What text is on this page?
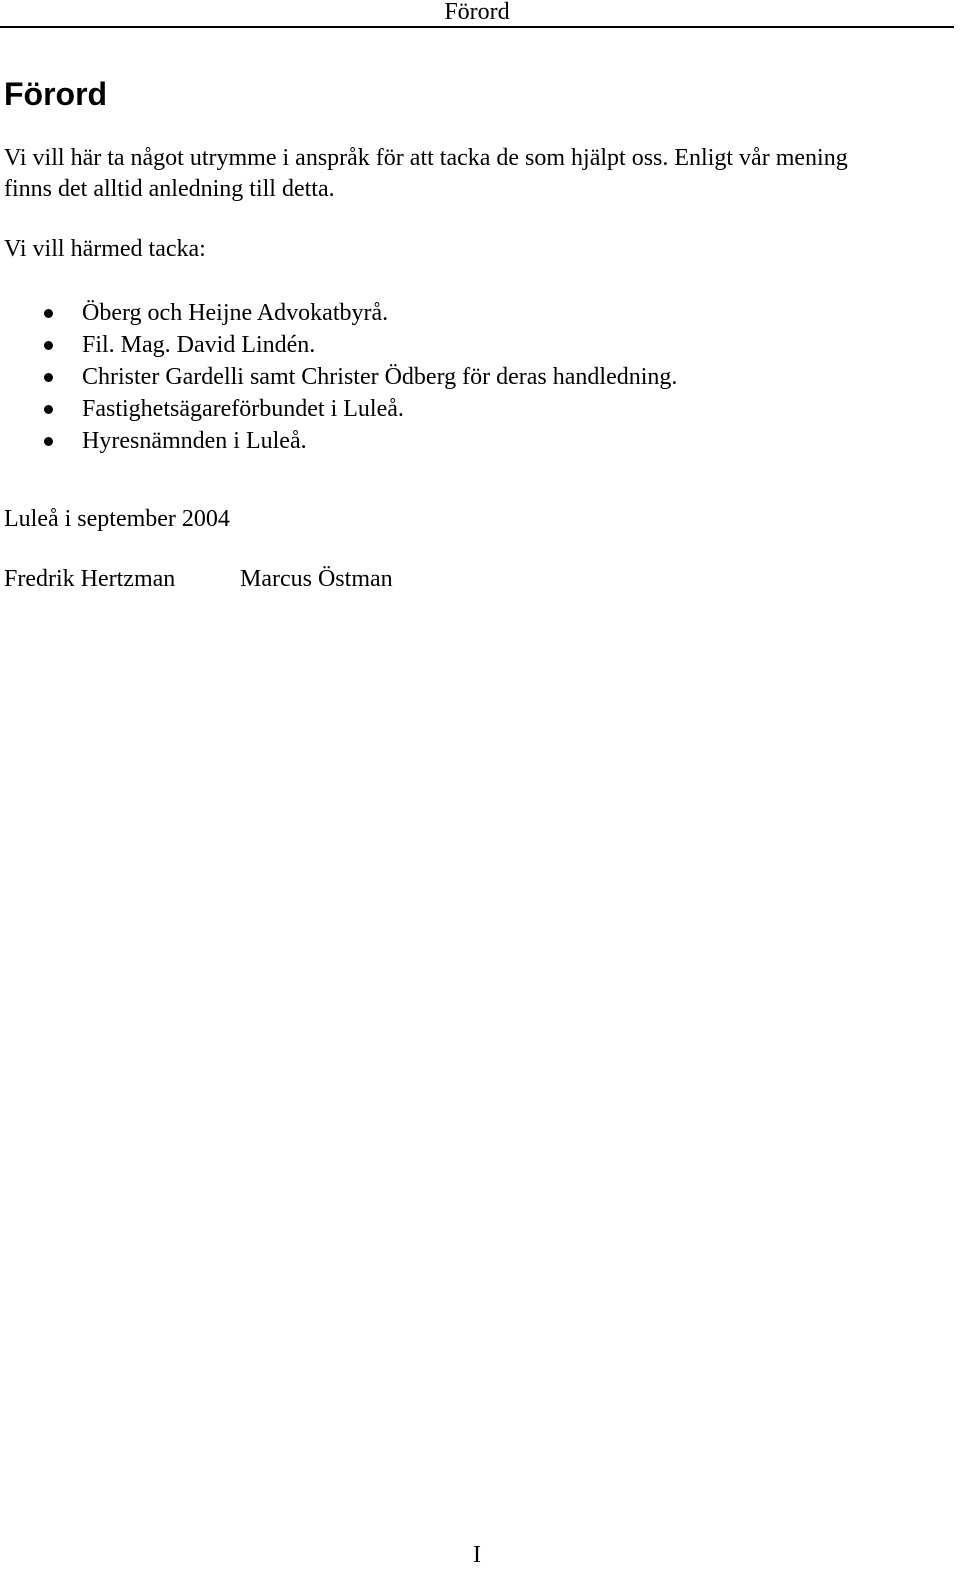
Förord
Förord
Vi vill här ta något utrymme i anspråk för att tacka de som hjälpt oss. Enligt vår mening
finns det alltid anledning till detta.

Vi vill härmed tacka:

Öberg och Heijne Advokatbyrå.
Fil. Mag. David Lindén.
Christer Gardelli samt Christer Ödberg för deras handledning.
Fastighetsägareförbundet i Luleå.
Hyresnämnden i Luleå.

Luleå i september 2004

Fredrik Hertzman	Marcus Östman
I
